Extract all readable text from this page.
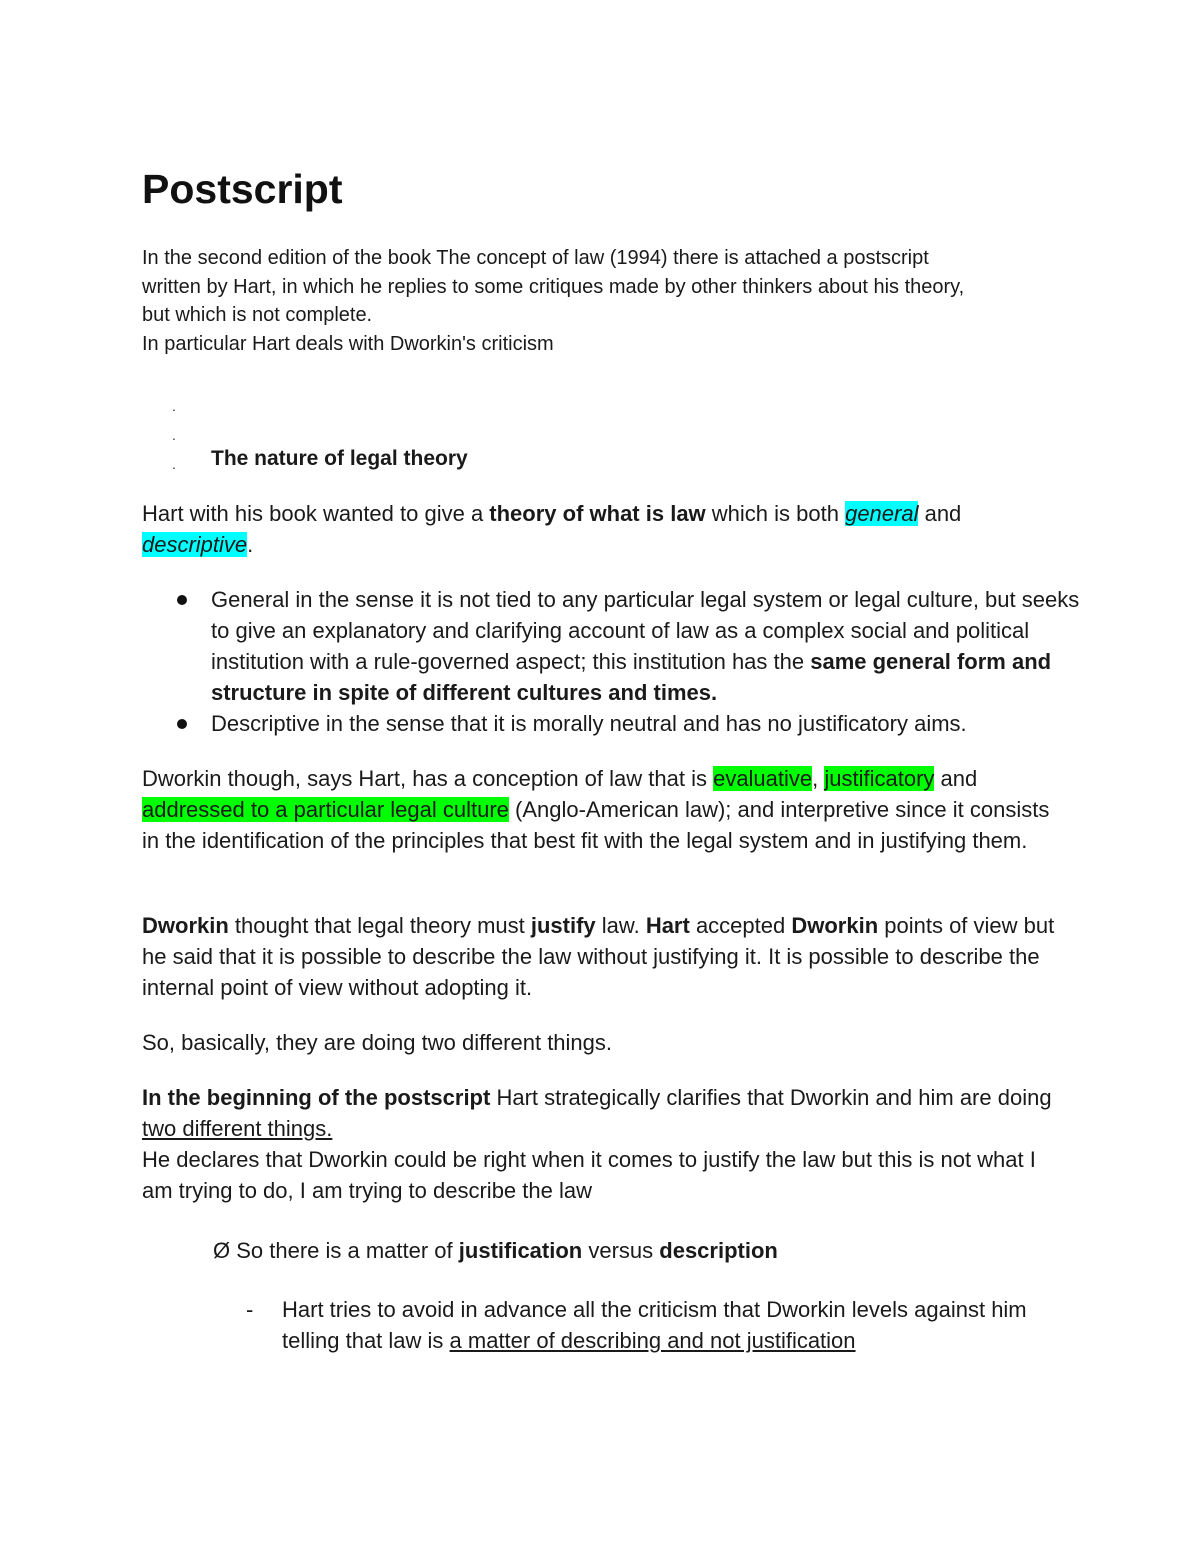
Postscript
In the second edition of the book The concept of law (1994) there is attached a postscript
written by Hart, in which he replies to some critiques made by other thinkers about his theory,
but which is not complete.
In particular Hart deals with Dworkin's criticism
.
.
. The nature of legal theory

Hart with his book wanted to give a theory of what is law which is both general and descriptive.

General in the sense it is not tied to any particular legal system or legal culture, but seeks to give an explanatory and clarifying account of law as a complex social and political institution with a rule-governed aspect; this institution has the same general form and structure in spite of different cultures and times.
Descriptive in the sense that it is morally neutral and has no justificatory aims.

Dworkin though, says Hart, has a conception of law that is evaluative, justificatory and addressed to a particular legal culture (Anglo-American law); and interpretive since it consists in the identification of the principles that best fit with the legal system and in justifying them.

Dworkin thought that legal theory must justify law. Hart accepted Dworkin points of view but he said that it is possible to describe the law without justifying it. It is possible to describe the internal point of view without adopting it.

So, basically, they are doing two different things.

In the beginning of the postscript Hart strategically clarifies that Dworkin and him are doing two different things.
He declares that Dworkin could be right when it comes to justify the law but this is not what I am trying to do, I am trying to describe the law

Ø So there is a matter of justification versus description

- Hart tries to avoid in advance all the criticism that Dworkin levels against him telling that law is a matter of describing and not justification
